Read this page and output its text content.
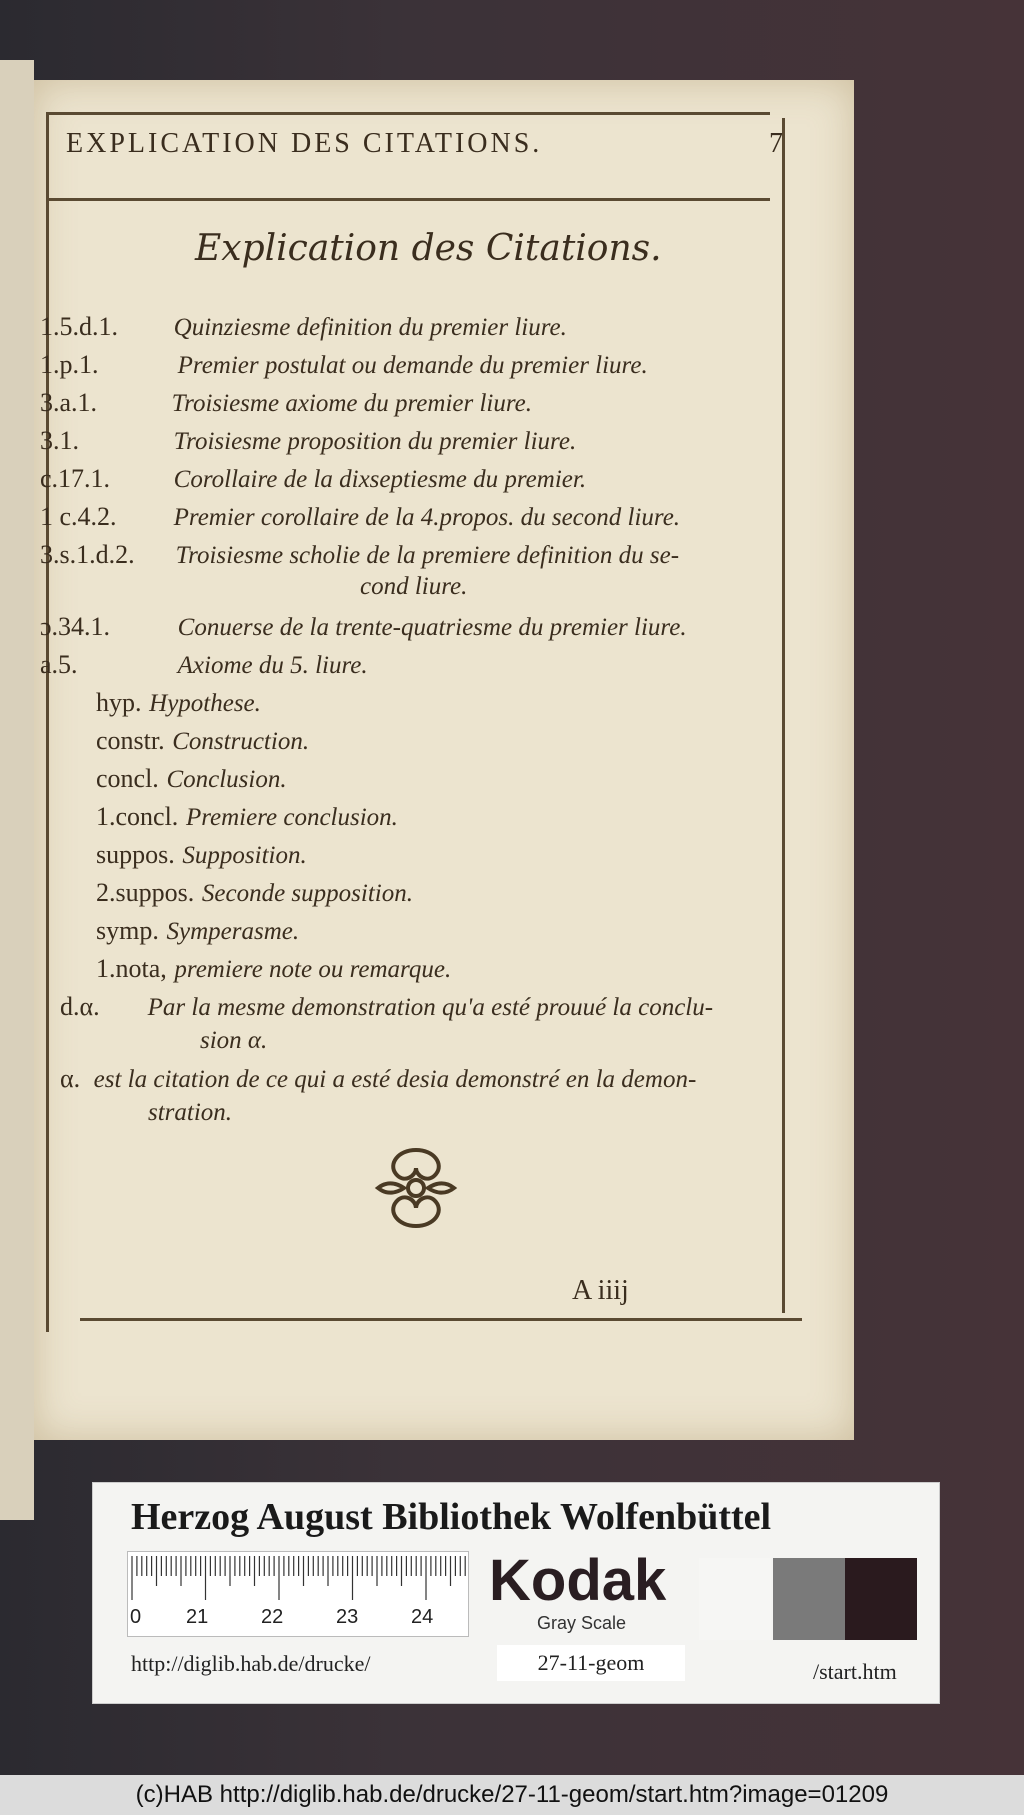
EXPLICATION DES CITATIONS.	7
Explication des Citations.
1.5.d.1. Quinziesme definition du premier liure.
1.p.1.	Premier postulat ou demande du premier liure.
3.a.1.	Troisiesme axiome du premier liure.
3.1.	Troisiesme proposition du premier liure.
c.17.1.	Corollaire de la dixseptiesme du premier.
1 c.4.2. Premier corollaire de la 4.propos. du second liure.
3.s.1.d.2. Troisiesme scholie de la premiere definition du se-
cond liure.
ɔ.34.1.	Conuerse de la trente-quatriesme du premier liure.
a.5.	Axiome du 5. liure.
hyp. Hypothese.
constr. Construction.
concl. Conclusion.
1.concl. Premiere conclusion.
suppos. Supposition.
2.suppos. Seconde supposition.
symp. Symperasme.
1.nota, premiere note ou remarque.
d.α. Par la mesme demonstration qu'a esté prouué la conclu-
sion α.
α. est la citation de ce qui a esté desia demonstré en la demon-
stration.
A iiij
Herzog August Bibliothek Wolfenbüttel
0 21	22	23	24
Kodak
Gray Scale
http://diglib.hab.de/drucke/	27-11-geom	/start.htm
(c)HAB http://diglib.hab.de/drucke/27-11-geom/start.htm?image=01209
